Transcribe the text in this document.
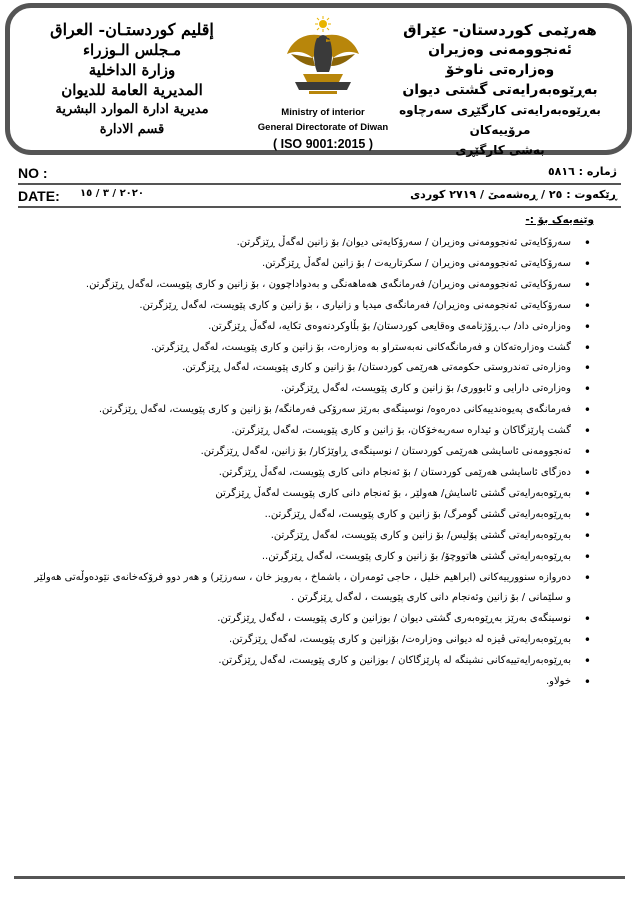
هەرێمی کوردستان- عێراق
ئەنجوومەنی وەزیران
وەزارەتی ناوخۆ
بەڕێوەبەرایەتی گشتی دیوان
بەڕێوەبەرایەتی کارگێڕی سەرچاوە مرۆییەکان
بەشی کارگێڕی
Ministry of interior
General Directorate of Diwan
( ISO 9001:2015 )
إقليم كوردستـان- العراق
مـجلس الـوزراء
وزارة الداخلية
المديرية العامة للديوان
مديرية ادارة الموارد البشرية
قسم الادارة
NO :	ژمارە : ٥٨١٦
DATE: ٢٠٢٠ / ٣ / ١٥	ڕێکەوت : ٢٥ / ڕەشەمێ / ٢٧١٩ کوردی
وێنەیەک بۆ :-
• سەرۆکایەتی ئەنجوومەنی وەزیران / سەرۆکایەتی دیوان/ بۆ زانین لەگەڵ ڕێزگرتن.
• سەرۆکایەتی ئەنجوومەنی وەزیران / سکرتاریەت / بۆ زانین لەگەڵ ڕێزگرتن.
• سەرۆکایەتی ئەنجوومەنی وەزیران/ فەرمانگەی هەماهەنگی و بەدواداچوون ، بۆ زانین و کاری پێویست، لەگەل ڕێزگرتن.
• سەرۆکایەتی ئەنجومەنی وەزیران/ فەرمانگەی میدیا و زانیاری ، بۆ زانین و کاری پێویست، لەگەل ڕێزگرتن.
• وەزارەتی داد/ ب.ڕۆژنامەی وەقایعی کوردستان/ بۆ بڵاوکردنەوەی تکایە، لەگەڵ ڕێزگرتن.
• گشت وەزارەتەکان و فەرمانگەکانی نەبەستراو بە وەزارەت، بۆ زانین و کاری پێویست، لەگەل ڕێزگرتن.
• وەزارەتی تەندروستی حکومەتی هەرێمی کوردستان/ بۆ زانین و کاری پێویست، لەگەل ڕێزگرتن.
• وەزارەتی دارایی و ئابووری/ بۆ زانین و کاری پێویست، لەگەل ڕێزگرتن.
• فەرمانگەی پەیوەندییەکانی دەرەوە/ نوسینگەی بەرێز سەرۆکی فەرمانگە/ بۆ زانین و کاری پێویست، لەگەل ڕێزگرتن.
• گشت پارێزگاکان و ئیدارە سەربەخۆکان، بۆ زانین و کاری پێویست، لەگەل ڕێزگرتن.
• ئەنجوومەنی ئاسایشی هەرێمی کوردستان / نوسینگەی ڕاوێژکار/ بۆ زانین، لەگەل ڕێزگرتن.
• دەزگای ئاسایشی هەرێمی کوردستان / بۆ ئەنجام دانی کاری پێویست، لەگەڵ ڕێزگرتن.
• بەڕێوەبەرایەتی گشتی ئاسایش/ هەولێر ، بۆ ئەنجام دانی کاری پێویست لەگەڵ ڕێزگرتن
• بەڕێوەبەرایەتی گشتی گومرگ/ بۆ زانین و کاری پێویست، لەگەل ڕێزگرتن..
• بەڕێوەبەرایەتی گشتی پۆلیس/ بۆ زانین و کاری پێویست، لەگەل ڕێزگرتن.
• بەڕێوەبەرایەتی گشتی هاتووچۆ/ بۆ زانین و کاری پێویست، لەگەل ڕێزگرتن..
• دەروازە سنوورییەکانی (ابراهیم خلیل ، حاجی ئومەران ، باشماخ ، بەرویز خان ، سەرزێر) و هەر دوو فرۆکەخانەی نێودەوڵەتی هەولێر و سلێمانی / بۆ زانین وئەنجام دانی کاری پێویست ، لەگەل ڕێزگرتن .
• نوسینگەی بەرێز بەڕێوەبەری گشتی دیوان / بوزانین و کاری پێویست ، لەگەل ڕێزگرتن.
• بەڕێوەبەرایەتی ڤیزە لە دیوانی وەزارەت/ بۆزانین و کاری پێویست، لەگەل ڕێزگرتن.
• بەڕێوەبەرایەتییەکانی نشینگە لە پارێزگاکان / بوزانین و کاری پێویست، لەگەل ڕێزگرتن.
• خولاو.
